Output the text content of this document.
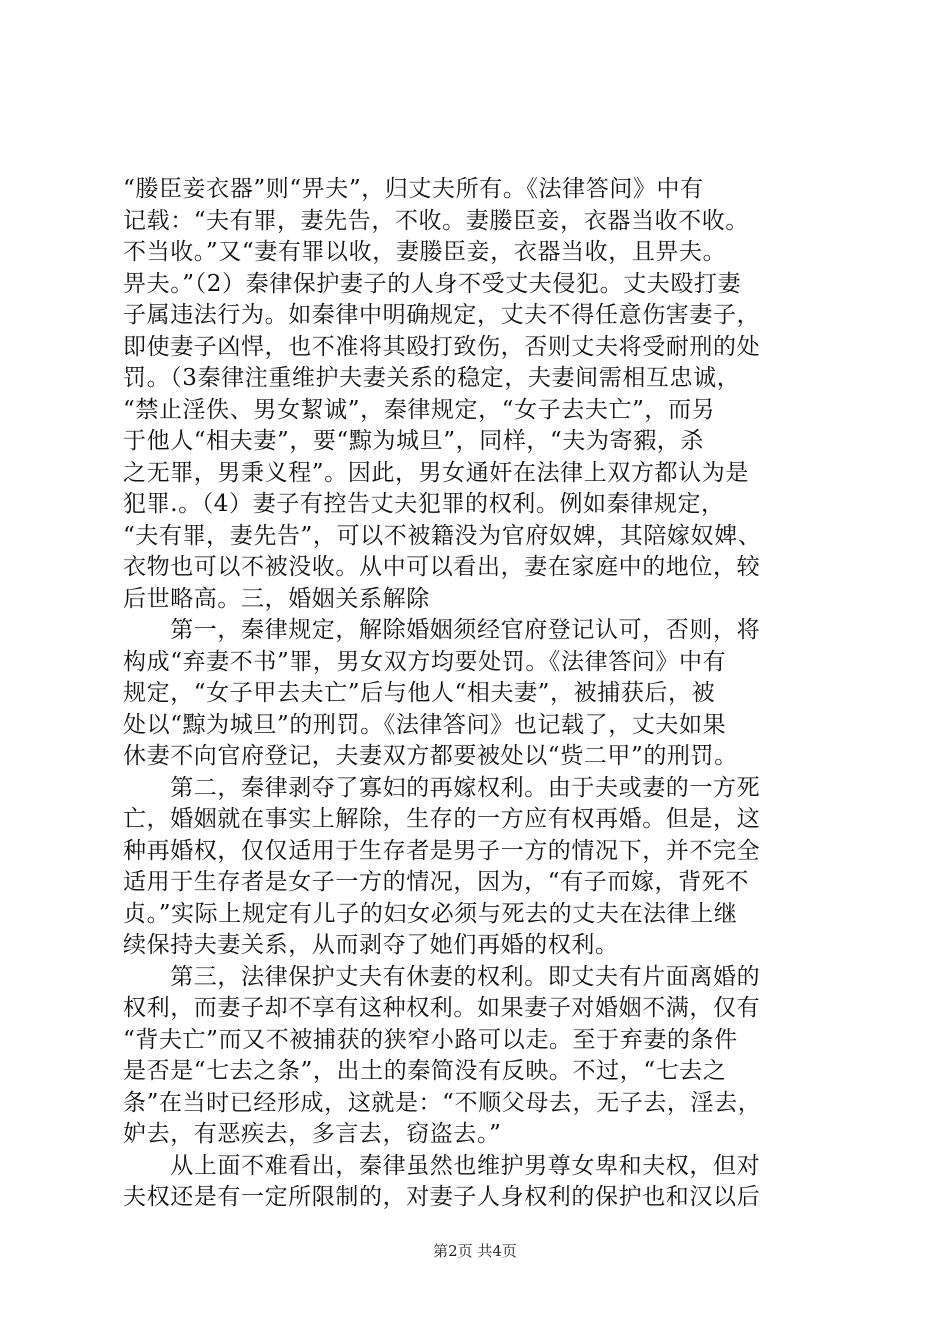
“媵臣妾衣器”则“畀夫”，归丈夫所有。《法律答问》中有
记载：“夫有罪，妻先告，不收。妻媵臣妾，衣器当收不收。
不当收。”又“妻有罪以收，妻媵臣妾，衣器当收，且畀夫。
畀夫。”（2）秦律保护妻子的人身不受丈夫侵犯。丈夫殴打妻
子属违法行为。如秦律中明确规定，丈夫不得任意伤害妻子，
即使妻子凶悍，也不准将其殴打致伤，否则丈夫将受耐刑的处
罚。（3秦律注重维护夫妻关系的稳定，夫妻间需相互忠诚，
“禁止淫佚、男女絜诚”，秦律规定，“女子去夫亡”，而另
于他人“相夫妻”，要“黥为城旦”，同样，“夫为寄豭，杀
之无罪，男秉义程”。因此，男女通奸在法律上双方都认为是
犯罪.。（4）妻子有控告丈夫犯罪的权利。例如秦律规定，
“夫有罪，妻先告”，可以不被籍没为官府奴婢，其陪嫁奴婢、
衣物也可以不被没收。从中可以看出，妻在家庭中的地位，较
后世略高。三，婚姻关系解除
　　第一，秦律规定，解除婚姻须经官府登记认可，否则，将
构成“弃妻不书”罪，男女双方均要处罚。《法律答问》中有
规定，“女子甲去夫亡”后与他人“相夫妻”，被捕获后，被
处以“黥为城旦”的刑罚。《法律答问》也记载了，丈夫如果
休妻不向官府登记，夫妻双方都要被处以“赀二甲”的刑罚。
　　第二，秦律剥夺了寡妇的再嫁权利。由于夫或妻的一方死
亡，婚姻就在事实上解除，生存的一方应有权再婚。但是，这
种再婚权，仅仅适用于生存者是男子一方的情况下，并不完全
适用于生存者是女子一方的情况，因为，“有子而嫁，背死不
贞。”实际上规定有儿子的妇女必须与死去的丈夫在法律上继
续保持夫妻关系，从而剥夺了她们再婚的权利。
　　第三，法律保护丈夫有休妻的权利。即丈夫有片面离婚的
权利，而妻子却不享有这种权利。如果妻子对婚姻不满，仅有
“背夫亡”而又不被捕获的狭窄小路可以走。至于弃妻的条件
是否是“七去之条”，出土的秦简没有反映。不过，“七去之
条”在当时已经形成，这就是：“不顺父母去，无子去，淫去，
妒去，有恶疾去，多言去，窃盗去。”
　　从上面不难看出，秦律虽然也维护男尊女卑和夫权，但对
夫权还是有一定所限制的，对妻子人身权利的保护也和汉以后
第2页 共4页
